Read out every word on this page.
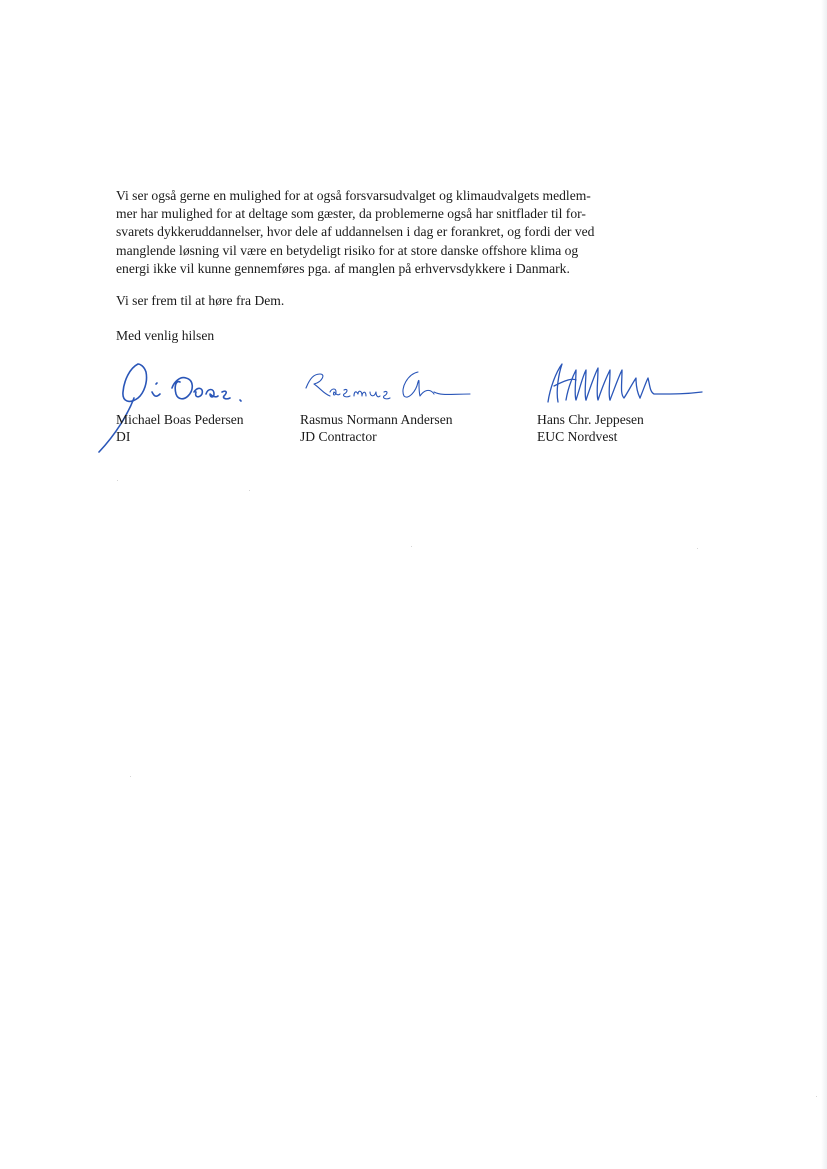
Vi ser også gerne en mulighed for at også forsvarsudvalget og klimaudvalgets medlem-
mer har mulighed for at deltage som gæster, da problemerne også har snitflader til for-
svarets dykkeruddannelser, hvor dele af uddannelsen i dag er forankret, og fordi der ved
manglende løsning vil være en betydeligt risiko for at store danske offshore klima og
energi ikke vil kunne gennemføres pga. af manglen på erhvervsdykkere i Danmark.
Vi ser frem til at høre fra Dem.
Med venlig hilsen
Michael Boas Pedersen
DI
Rasmus Normann Andersen
JD Contractor
Hans Chr. Jeppesen
EUC Nordvest
